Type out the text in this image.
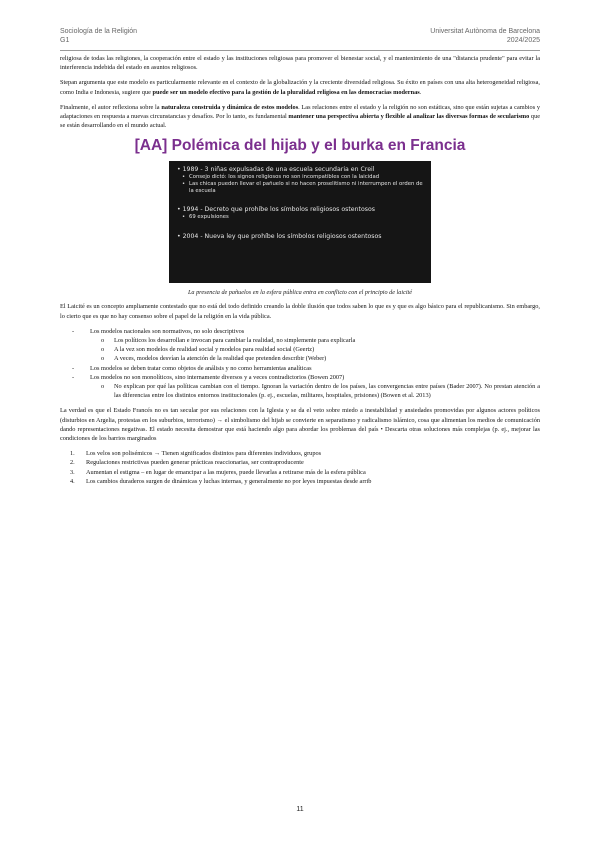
Sociología de la Religión
G1
Universitat Autònoma de Barcelona
2024/2025

religiosa de todas las religiones, la cooperación entre el estado y las instituciones religiosas para promover el bienestar social, y el mantenimiento de una "distancia prudente" para evitar la interferencia indebida del estado en asuntos religiosos.

Stepan argumenta que este modelo es particularmente relevante en el contexto de la globalización y la creciente diversidad religiosa. Su éxito en países con una alta heterogeneidad religiosa, como India e Indonesia, sugiere que puede ser un modelo efectivo para la gestión de la pluralidad religiosa en las democracias modernas.

Finalmente, el autor reflexiona sobre la naturaleza construida y dinámica de estos modelos. Las relaciones entre el estado y la religión no son estáticas, sino que están sujetas a cambios y adaptaciones en respuesta a nuevas circunstancias y desafíos. Por lo tanto, es fundamental mantener una perspectiva abierta y flexible al analizar las diversas formas de secularismo que se están desarrollando en el mundo actual.

[AA] Polémica del hijab y el burka en Francia
• 1989 - 3 niñas expulsadas de una escuela secundaria en Creil
• Consejo dictó: los signos religiosos no son incompatibles con la laicidad
• Las chicas pueden llevar el pañuelo si no hacen proselitismo ni interrumpen el orden de la escuela
• 1994 - Decreto que prohíbe los símbolos religiosos ostentosos
• 69 expulsiones
• 2004 - Nueva ley que prohíbe los símbolos religiosos ostentosos
La presencia de pañuelos en la esfera pública entra en conflicto con el principio de laicité

El Laicité es un concepto ampliamente contestado que no está del todo definido creando la doble ilusión que todos saben lo que es y que es algo básico para el republicanismo. Sin embargo, lo cierto que es que no hay consenso sobre el papel de la religión en la vida pública.

- Los modelos nacionales son normativos, no solo descriptivos
o Los políticos los desarrollan e invocan para cambiar la realidad, no simplemente para explicarla
o A la vez son modelos de realidad social y modelos para realidad social (Geertz)
o A veces, modelos desvían la atención de la realidad que pretenden describir (Weber)
- Los modelos se deben tratar como objetos de análisis y no como herramientas analíticas
- Los modelos no son monolíticos, sino internamente diversos y a veces contradictorios (Bowen 2007)
o No explican por qué las políticas cambian con el tiempo. Ignoran la variación dentro de los países, las convergencias entre países (Bader 2007). No prestan atención a las diferencias entre los distintos entornos institucionales (p. ej., escuelas, militares, hospitales, prisiones) (Bowen et al. 2013)

La verdad es que el Estado Francés no es tan secular por sus relaciones con la Iglesia y se da el veto sobre miedo a inestabilidad y ansiedades promovidas por algunos actores políticos (disturbios en Argelia, protestas en los suburbios, terrorismo) → el simbolismo del hijab se convierte en separatismo y radicalismo islámico, cosa que alimentan los medios de comunicación dando representaciones negativas. El estado necesita demostrar que está haciendo algo para abordar los problemas del país • Descarta otras soluciones más complejas (p. ej., mejorar las condiciones de los barrios marginados

1. Los velos son polisémicos → Tienen significados distintos para diferentes individuos, grupos
2. Regulaciones restrictivas pueden generar prácticas reaccionarias, ser contraproducente
3. Aumentan el estigma – en lugar de emancipar a las mujeres, puede llevarlas a retirarse más de la esfera pública
4. Los cambios duraderos surgen de dinámicas y luchas internas, y generalmente no por leyes impuestas desde arrib
11
